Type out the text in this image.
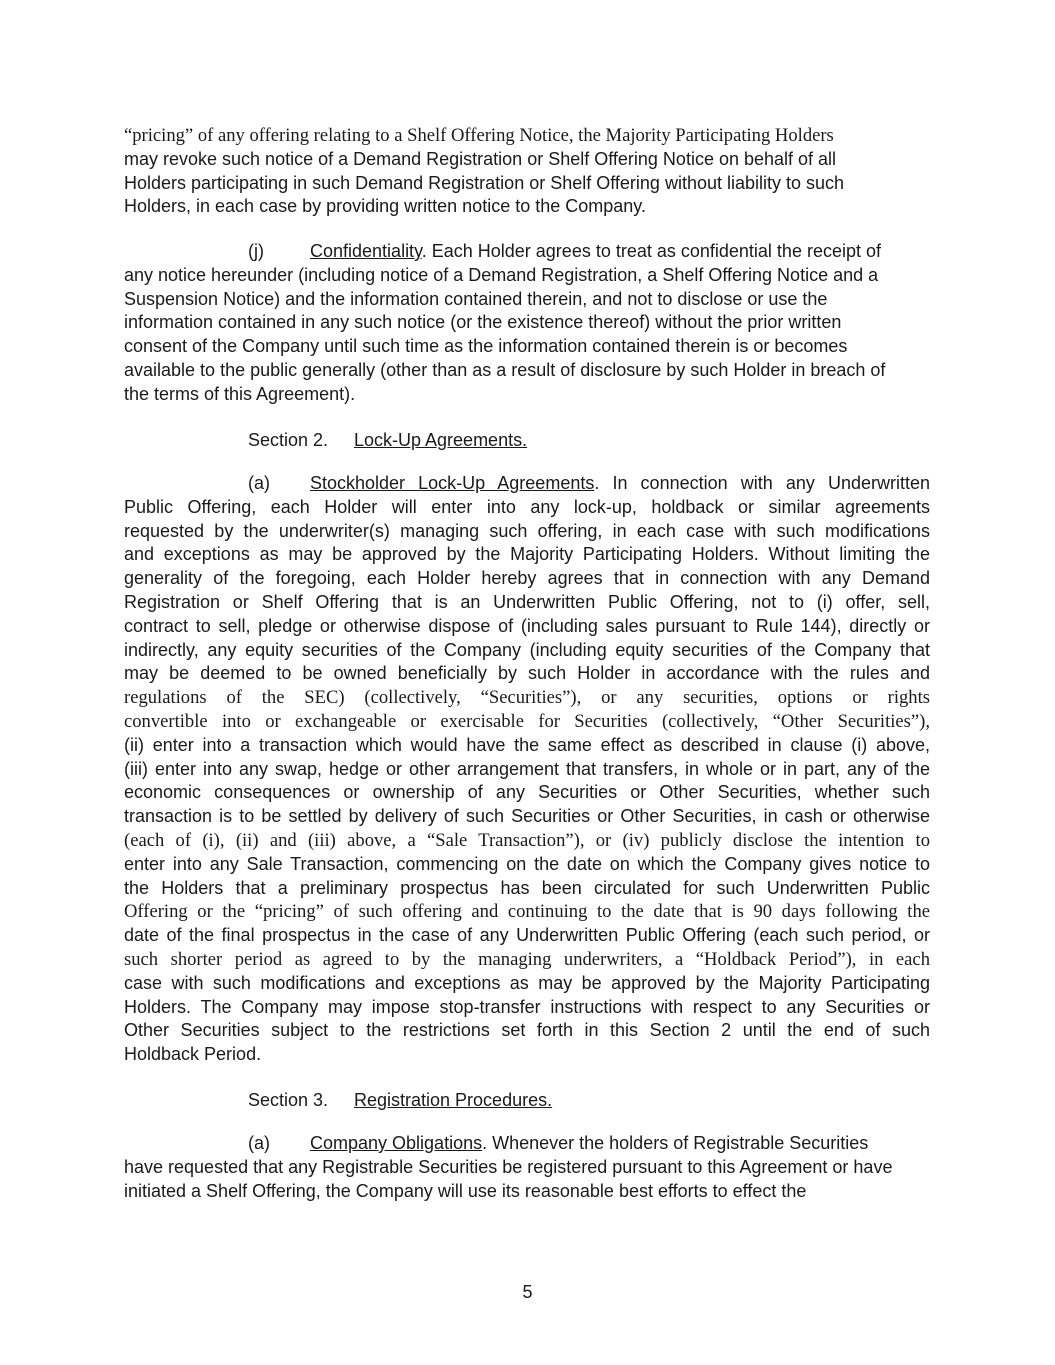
“pricing” of any offering relating to a Shelf Offering Notice, the Majority Participating Holders
may revoke such notice of a Demand Registration or Shelf Offering Notice on behalf of all
Holders participating in such Demand Registration or Shelf Offering without liability to such
Holders, in each case by providing written notice to the Company.
(j)	Confidentiality. Each Holder agrees to treat as confidential the receipt of
any notice hereunder (including notice of a Demand Registration, a Shelf Offering Notice and a
Suspension Notice) and the information contained therein, and not to disclose or use the
information contained in any such notice (or the existence thereof) without the prior written
consent of the Company until such time as the information contained therein is or becomes
available to the public generally (other than as a result of disclosure by such Holder in breach of
the terms of this Agreement).
Section 2. Lock-Up Agreements.
(a) Stockholder Lock-Up Agreements. In connection with any Underwritten
Public Offering, each Holder will enter into any lock-up, holdback or similar agreements
requested by the underwriter(s) managing such offering, in each case with such modifications
and exceptions as may be approved by the Majority Participating Holders. Without limiting the
generality of the foregoing, each Holder hereby agrees that in connection with any Demand
Registration or Shelf Offering that is an Underwritten Public Offering, not to (i) offer, sell,
contract to sell, pledge or otherwise dispose of (including sales pursuant to Rule 144), directly or
indirectly, any equity securities of the Company (including equity securities of the Company that
may be deemed to be owned beneficially by such Holder in accordance with the rules and
regulations of the SEC) (collectively, “Securities”), or any securities, options or rights
convertible into or exchangeable or exercisable for Securities (collectively, “Other Securities”),
(ii) enter into a transaction which would have the same effect as described in clause (i) above,
(iii) enter into any swap, hedge or other arrangement that transfers, in whole or in part, any of the
economic consequences or ownership of any Securities or Other Securities, whether such
transaction is to be settled by delivery of such Securities or Other Securities, in cash or otherwise
(each of (i), (ii) and (iii) above, a “Sale Transaction”), or (iv) publicly disclose the intention to
enter into any Sale Transaction, commencing on the date on which the Company gives notice to
the Holders that a preliminary prospectus has been circulated for such Underwritten Public
Offering or the “pricing” of such offering and continuing to the date that is 90 days following the
date of the final prospectus in the case of any Underwritten Public Offering (each such period, or
such shorter period as agreed to by the managing underwriters, a “Holdback Period”), in each
case with such modifications and exceptions as may be approved by the Majority Participating
Holders. The Company may impose stop-transfer instructions with respect to any Securities or
Other Securities subject to the restrictions set forth in this Section 2 until the end of such
Holdback Period.
Section 3. Registration Procedures.
(a) Company Obligations. Whenever the holders of Registrable Securities
have requested that any Registrable Securities be registered pursuant to this Agreement or have
initiated a Shelf Offering, the Company will use its reasonable best efforts to effect the
5
